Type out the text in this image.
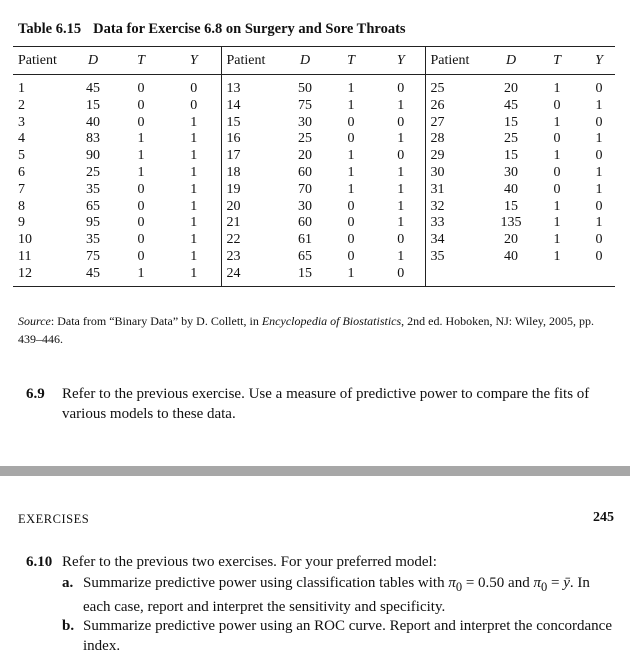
Table 6.15 Data for Exercise 6.8 on Surgery and Sore Throats
Patient	D	T	Y	Patient	D	T	Y	Patient	D	T	Y
1	45	0	0	13	50	1	0	25	20	1	0
2	15	0	0	14	75	1	1	26	45	0	1
3	40	0	1	15	30	0	0	27	15	1	0
4	83	1	1	16	25	0	1	28	25	0	1
5	90	1	1	17	20	1	0	29	15	1	0
6	25	1	1	18	60	1	1	30	30	0	1
7	35	0	1	19	70	1	1	31	40	0	1
8	65	0	1	20	30	0	1	32	15	1	0
9	95	0	1	21	60	0	1	33	135	1	1
10	35	0	1	22	61	0	0	34	20	1	0
11	75	0	1	23	65	0	1	35	40	1	0
12	45	1	1	24	15	1	0				
Source: Data from “Binary Data” by D. Collett, in Encyclopedia of Biostatistics, 2nd ed. Hoboken, NJ: Wiley, 2005, pp. 439–446.
6.9 Refer to the previous exercise. Use a measure of predictive power to compare the fits of various models to these data.
EXERCISES	245
6.10 Refer to the previous two exercises. For your preferred model:
a. Summarize predictive power using classification tables with $\pi_0 = 0.50$ and $\pi_0$ = ȳ. In each case, report and interpret the sensitivity and specificity.
b. Summarize predictive power using an ROC curve. Report and interpret the concordance index.
